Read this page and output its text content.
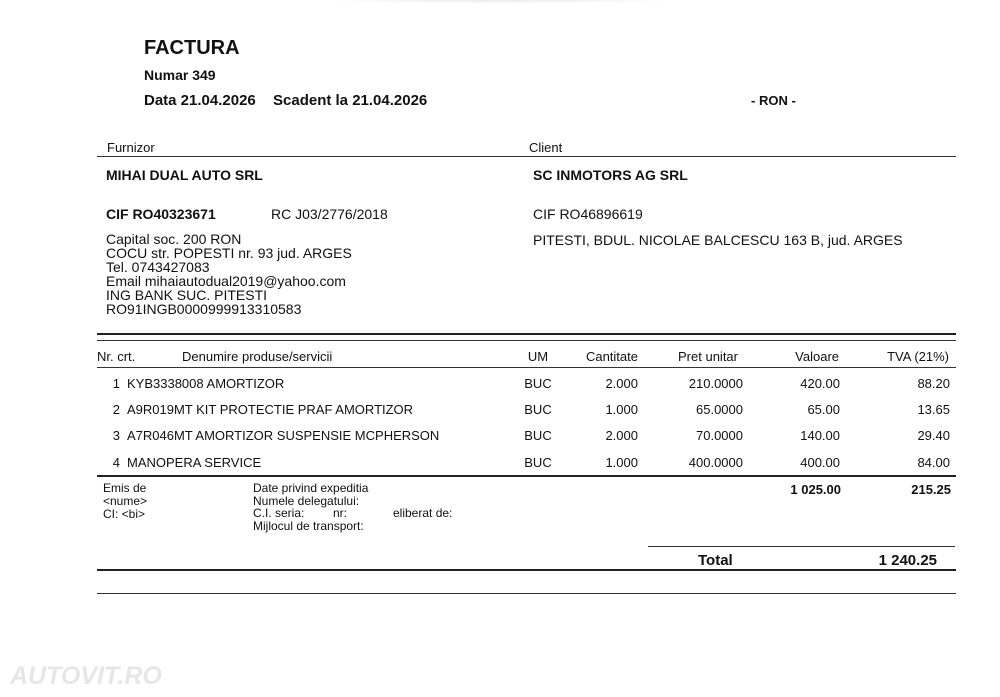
FACTURA
Numar 349
Data 21.04.2026 Scadent la 21.04.2026	- RON -
Furnizor	Client
MIHAI DUAL AUTO SRL
CIF RO40323671	RC J03/2776/2018
Capital soc. 200 RON
COCU str. POPESTI nr. 93 jud. ARGES
Tel. 0743427083
Email mihaiautodual2019@yahoo.com
ING BANK SUC. PITESTI
RO91INGB0000999913310583
SC INMOTORS AG SRL
CIF RO46896619
PITESTI, BDUL. NICOLAE BALCESCU 163 B, jud. ARGES
Nr. crt.	Denumire produse/servicii	UM	Cantitate	Pret unitar	Valoare	TVA (21%)
1 KYB3338008 AMORTIZOR	BUC	2.000	210.0000	420.00	88.20
2 A9R019MT KIT PROTECTIE PRAF AMORTIZOR	BUC	1.000	65.0000	65.00	13.65
3 A7R046MT AMORTIZOR SUSPENSIE MCPHERSON	BUC	2.000	70.0000	140.00	29.40
4 MANOPERA SERVICE	BUC	1.000	400.0000	400.00	84.00
Emis de
<nume>
CI: <bi>
Date privind expeditia
Numele delegatului:
C.I. seria: nr:	eliberat de:
Mijlocul de transport:
1 025.00	215.25
Total	1 240.25
AUTOVIT.RO
